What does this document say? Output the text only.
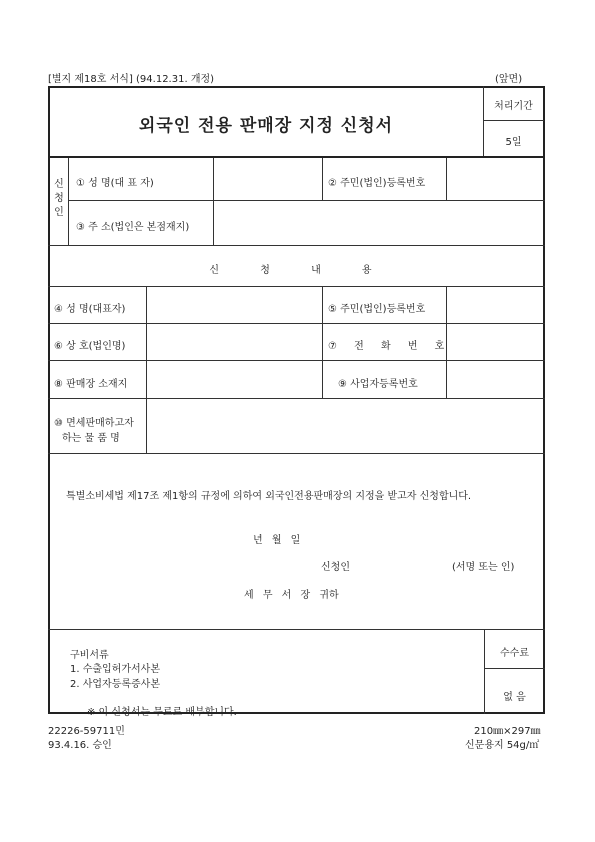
[별지 제18호 서식] (94.12.31. 개정)	(앞면)
외국인 전용 판매장 지정 신청서
처리기간
5일
신
청
인
① 성 명(대 표 자)	② 주민(법인)등록번호
③ 주 소(법인은 본점재지)
신 청 내 용
④ 성 명(대표자)	⑤ 주민(법인)등록번호
⑥ 상 호(법인명)	⑦ 전 화 번 호
⑧ 판매장 소재지	⑨ 사업자등록번호
⑩ 면세판매하고자
하는 물 품 명
특별소비세법 제17조 제1항의 규정에 의하여 외국인전용판매장의 지정을 받고자 신청합니다.
년 월 일
신청인	(서명 또는 인)
세 무 서 장 귀하
수수료
없 음
구비서류
1. 수출입허가서사본
2. 사업자등록증사본
※ 이 신청서는 무료로 배부합니다.
22226-59711민
93.4.16. 승인
210㎜×297㎜
신문용지 54g/㎡
